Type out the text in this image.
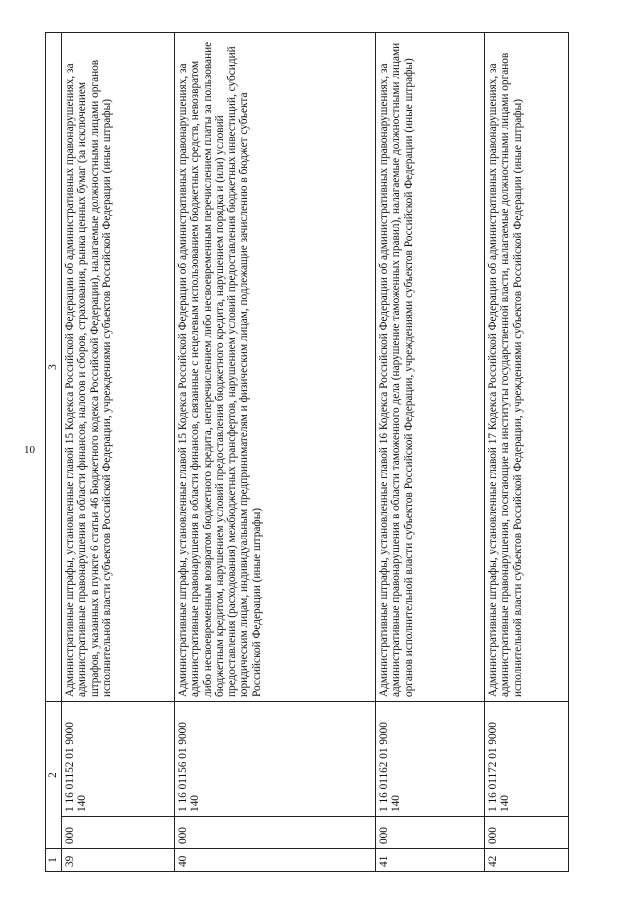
10
1	2		3
39	000	1 16 01152 01 9000 140	Административные штрафы, установленные главой 15 Кодекса Российской Федерации об административных правонарушениях, за административные правонарушения в области финансов, налогов и сборов, страхования, рынка ценных бумаг (за исключением штрафов, указанных в пункте 6 статьи 46 Бюджетного кодекса Российской Федерации), налагаемые должностными лицами органов исполнительной власти субъектов Российской Федерации, учреждениями субъектов Российской Федерации (иные штрафы)
40	000	1 16 01156 01 9000 140	Административные штрафы, установленные главой 15 Кодекса Российской Федерации об административных правонарушениях, за административные правонарушения в области финансов, связанные с нецелевым использованием бюджетных средств, невозвратом либо несвоевременным возвратом бюджетного кредита, неперечислением либо несвоевременным перечислением платы за пользование бюджетным кредитом, нарушением условий предоставления бюджетного кредита, нарушением порядка и (или) условий предоставления (расходования) межбюджетных трансфертов, нарушением условий предоставления бюджетных инвестиций, субсидий юридическим лицам, индивидуальным предпринимателям и физическим лицам, подлежащие зачислению в бюджет субъекта Российской Федерации (иные штрафы)
41	000	1 16 01162 01 9000 140	Административные штрафы, установленные главой 16 Кодекса Российской Федерации об административных правонарушениях, за административные правонарушения в области таможенного дела (нарушение таможенных правил), налагаемые должностными лицами органов исполнительной власти субъектов Российской Федерации, учреждениями субъектов Российской Федерации (иные штрафы)
42	000	1 16 01172 01 9000 140	Административные штрафы, установленные главой 17 Кодекса Российской Федерации об административных правонарушениях, за административные правонарушения, посягающие на институты государственной власти, налагаемые должностными лицами органов исполнительной власти субъектов Российской Федерации, учреждениями субъектов Российской Федерации (иные штрафы)
